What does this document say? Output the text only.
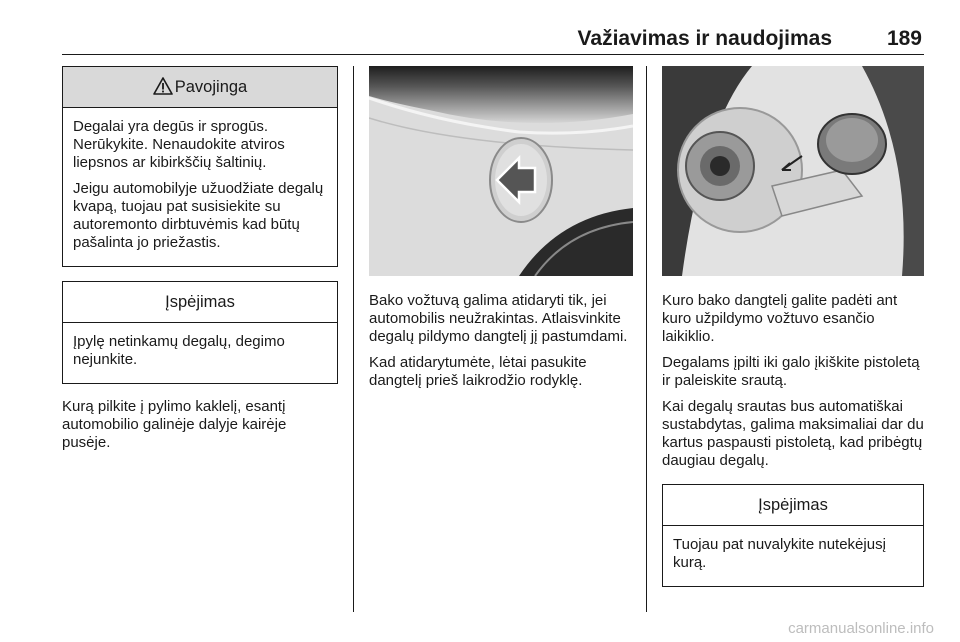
Važiavimas ir naudojimas	189
Pavojinga

Degalai yra degūs ir sprogūs. Nerūkykite. Nenaudokite atviros liepsnos ar kibirkščių šaltinių.

Jeigu automobilyje užuodžiate degalų kvapą, tuojau pat susisiekite su autoremonto dirbtuvėmis kad būtų pašalinta jo priežastis.

Įspėjimas

Įpylę netinkamų degalų, degimo nejunkite.

Kurą pilkite į pylimo kaklelį, esantį automobilio galinėje dalyje kairėje pusėje.

Bako vožtuvą galima atidaryti tik, jei automobilis neužrakintas. Atlaisvinkite degalų pildymo dangtelį jį pastumdami.

Kad atidarytumėte, lėtai pasukite dangtelį prieš laikrodžio rodyklę.

Kuro bako dangtelį galite padėti ant kuro užpildymo vožtuvo esančio laikiklio.

Degalams įpilti iki galo įkiškite pistoletą ir paleiskite srautą.

Kai degalų srautas bus automatiškai sustabdytas, galima maksimaliai dar du kartus paspausti pistoletą, kad pribėgtų daugiau degalų.

Įspėjimas

Tuojau pat nuvalykite nutekėjusį kurą.

carmanualsonline.info
